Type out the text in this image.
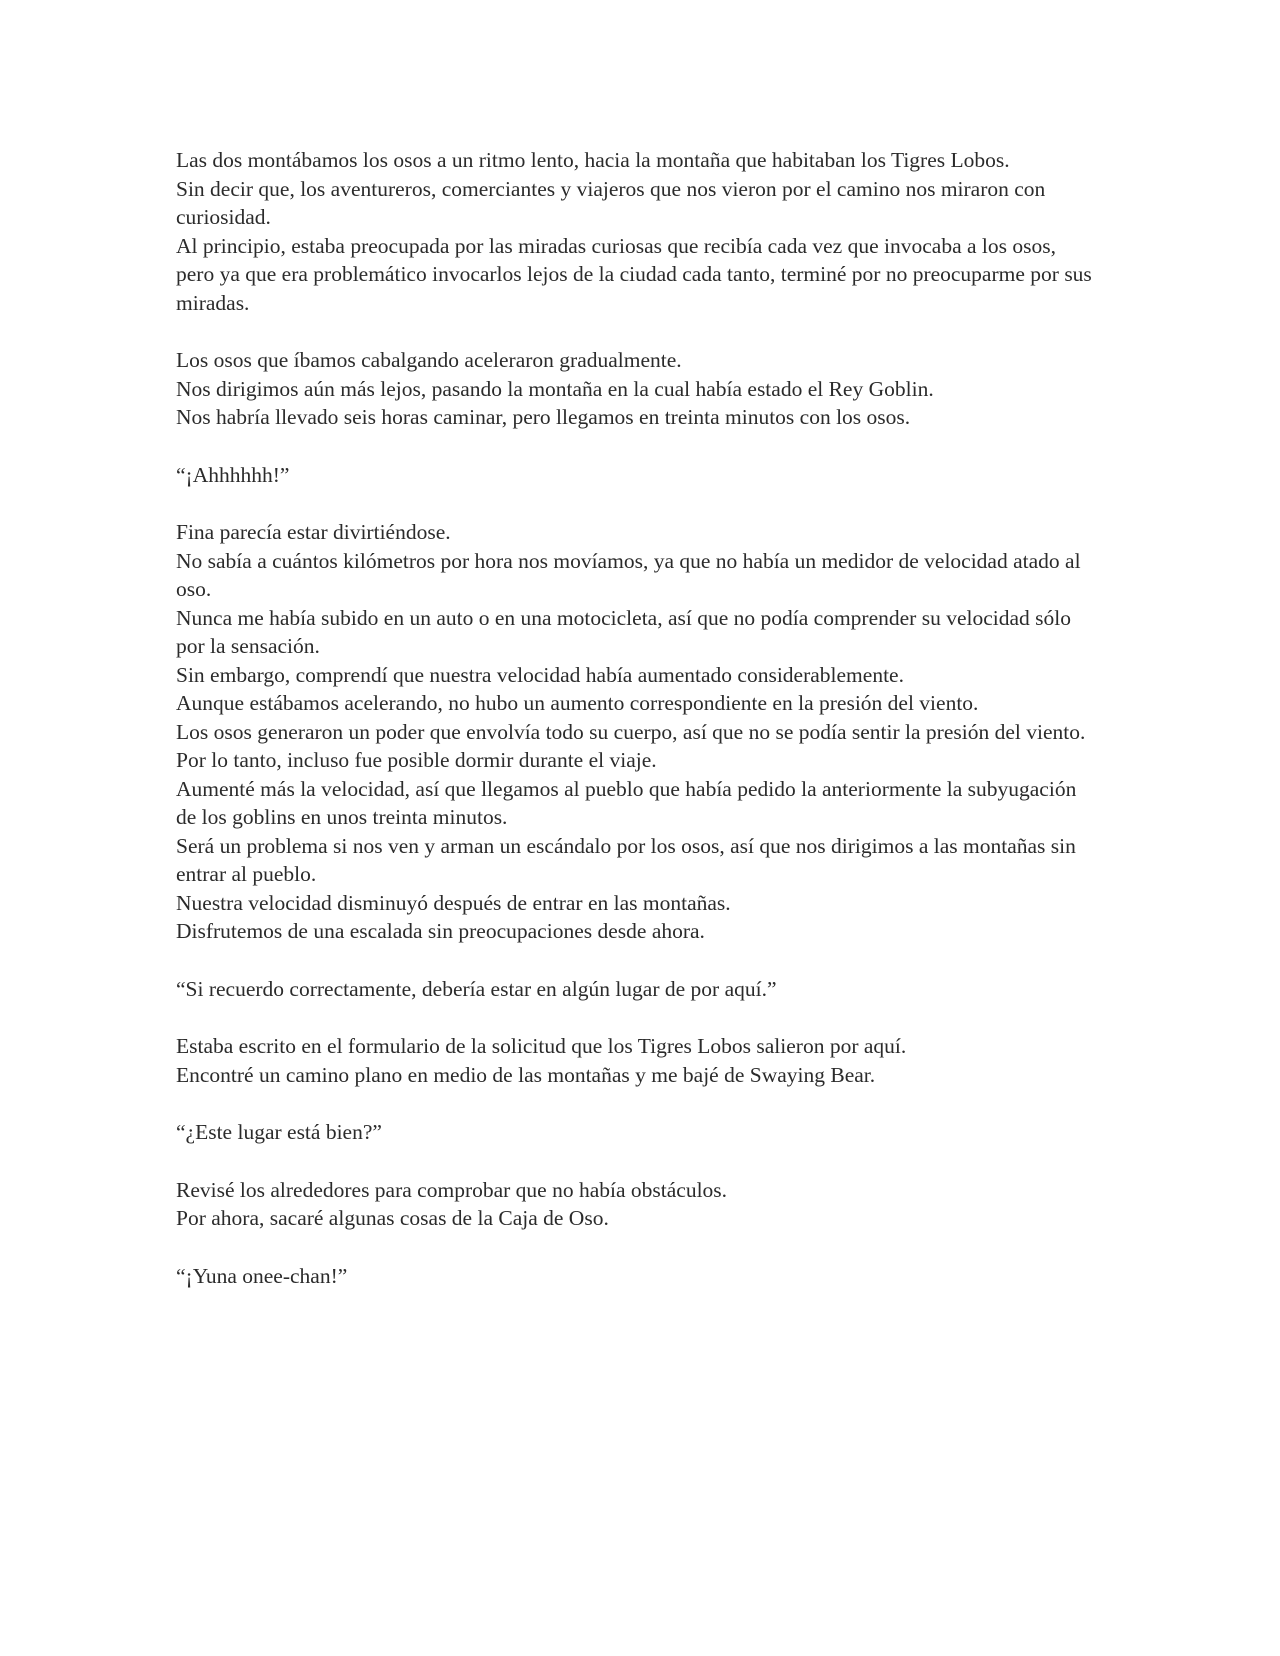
Las dos montábamos los osos a un ritmo lento, hacia la montaña que habitaban los Tigres Lobos.
Sin decir que, los aventureros, comerciantes y viajeros que nos vieron por el camino nos miraron con curiosidad.
Al principio, estaba preocupada por las miradas curiosas que recibía cada vez que invocaba a los osos, pero ya que era problemático invocarlos lejos de la ciudad cada tanto, terminé por no preocuparme por sus miradas.

Los osos que íbamos cabalgando aceleraron gradualmente.
Nos dirigimos aún más lejos, pasando la montaña en la cual había estado el Rey Goblin.
Nos habría llevado seis horas caminar, pero llegamos en treinta minutos con los osos.

“¡Ahhhhhh!”

Fina parecía estar divirtiéndose.
No sabía a cuántos kilómetros por hora nos movíamos, ya que no había un medidor de velocidad atado al oso.
Nunca me había subido en un auto o en una motocicleta, así que no podía comprender su velocidad sólo por la sensación.
Sin embargo, comprendí que nuestra velocidad había aumentado considerablemente.
Aunque estábamos acelerando, no hubo un aumento correspondiente en la presión del viento.
Los osos generaron un poder que envolvía todo su cuerpo, así que no se podía sentir la presión del viento.
Por lo tanto, incluso fue posible dormir durante el viaje.
Aumenté más la velocidad, así que llegamos al pueblo que había pedido la anteriormente la subyugación de los goblins en unos treinta minutos.
Será un problema si nos ven y arman un escándalo por los osos, así que nos dirigimos a las montañas sin entrar al pueblo.
Nuestra velocidad disminuyó después de entrar en las montañas.
Disfrutemos de una escalada sin preocupaciones desde ahora.

“Si recuerdo correctamente, debería estar en algún lugar de por aquí.”

Estaba escrito en el formulario de la solicitud que los Tigres Lobos salieron por aquí.
Encontré un camino plano en medio de las montañas y me bajé de Swaying Bear.

“¿Este lugar está bien?”

Revisé los alrededores para comprobar que no había obstáculos.
Por ahora, sacaré algunas cosas de la Caja de Oso.

“¡Yuna onee-chan!”
